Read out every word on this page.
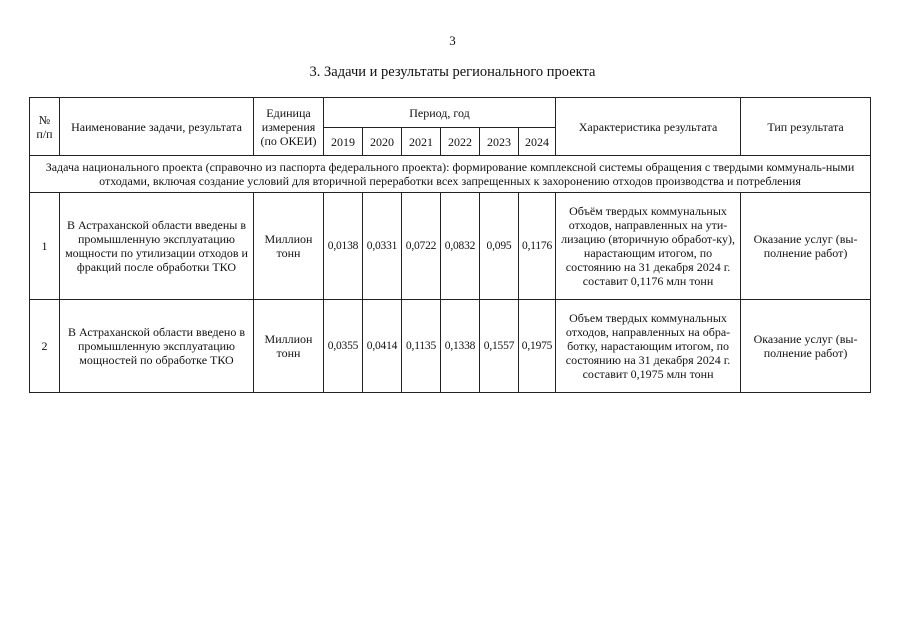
3
3. Задачи и результаты регионального проекта
№
п/п	Наименование задачи, результата	Единица
измерения
(по ОКЕИ)	Период, год						Характеристика результата	Тип результата
			2019	2020	2021	2022	2023	2024		
Задача национального проекта (справочно из паспорта федерального проекта): формирование комплексной системы обращения с твердыми коммуналь-ными отходами, включая создание условий для вторичной переработки всех запрещенных к захоронению отходов производства и потребления										
1	В Астраханской области введены в промышленную эксплуатацию мощности по утилизации отходов и фракций после обработки ТКО	Миллион
тонн	0,0138	0,0331	0,0722	0,0832	0,095	0,1176	Объём твердых коммунальных отходов, направленных на ути-лизацию (вторичную обработ-ку), нарастающим итогом, по состоянию на 31 декабря 2024 г. составит 0,1176 млн тонн	Оказание услуг (вы-полнение работ)
2	В Астраханской области введено в промышленную эксплуатацию мощностей по обработке ТКО	Миллион
тонн	0,0355	0,0414	0,1135	0,1338	0,1557	0,1975	Объем твердых коммунальных отходов, направленных на обра-ботку, нарастающим итогом, по состоянию на 31 декабря 2024 г. составит 0,1975 млн тонн	Оказание услуг (вы-полнение работ)
